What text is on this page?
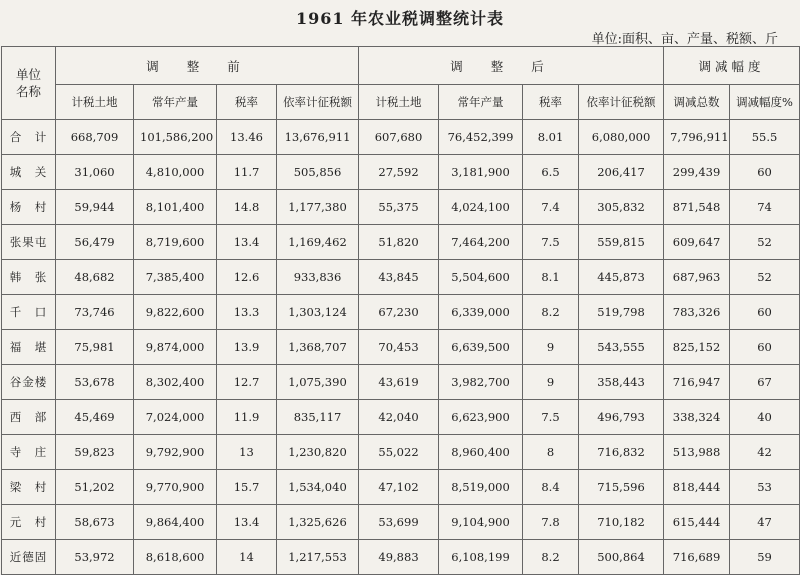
1961 年农业税调整统计表
单位:面积、亩、产量、税额、斤
单位
名称	调整前				调整后				调减幅度	
	计税土地	常年产量	税率	依率计征税额	计税土地	常年产量	税率	依率计征税额	调减总数	调减幅度%
合　计	668,709	101,586,200	13.46	13,676,911	607,680	76,452,399	8.01	6,080,000	7,796,911	55.5
城　关	31,060	4,810,000	11.7	505,856	27,592	3,181,900	6.5	206,417	299,439	60
杨　村	59,944	8,101,400	14.8	1,177,380	55,375	4,024,100	7.4	305,832	871,548	74
张果屯	56,479	8,719,600	13.4	1,169,462	51,820	7,464,200	7.5	559,815	609,647	52
韩　张	48,682	7,385,400	12.6	933,836	43,845	5,504,600	8.1	445,873	687,963	52
千　口	73,746	9,822,600	13.3	1,303,124	67,230	6,339,000	8.2	519,798	783,326	60
福　堪	75,981	9,874,000	13.9	1,368,707	70,453	6,639,500	9	543,555	825,152	60
谷金楼	53,678	8,302,400	12.7	1,075,390	43,619	3,982,700	9	358,443	716,947	67
西　部	45,469	7,024,000	11.9	835,117	42,040	6,623,900	7.5	496,793	338,324	40
寺　庄	59,823	9,792,900	13	1,230,820	55,022	8,960,400	8	716,832	513,988	42
梁　村	51,202	9,770,900	15.7	1,534,040	47,102	8,519,000	8.4	715,596	818,444	53
元　村	58,673	9,864,400	13.4	1,325,626	53,699	9,104,900	7.8	710,182	615,444	47
近德固	53,972	8,618,600	14	1,217,553	49,883	6,108,199	8.2	500,864	716,689	59
